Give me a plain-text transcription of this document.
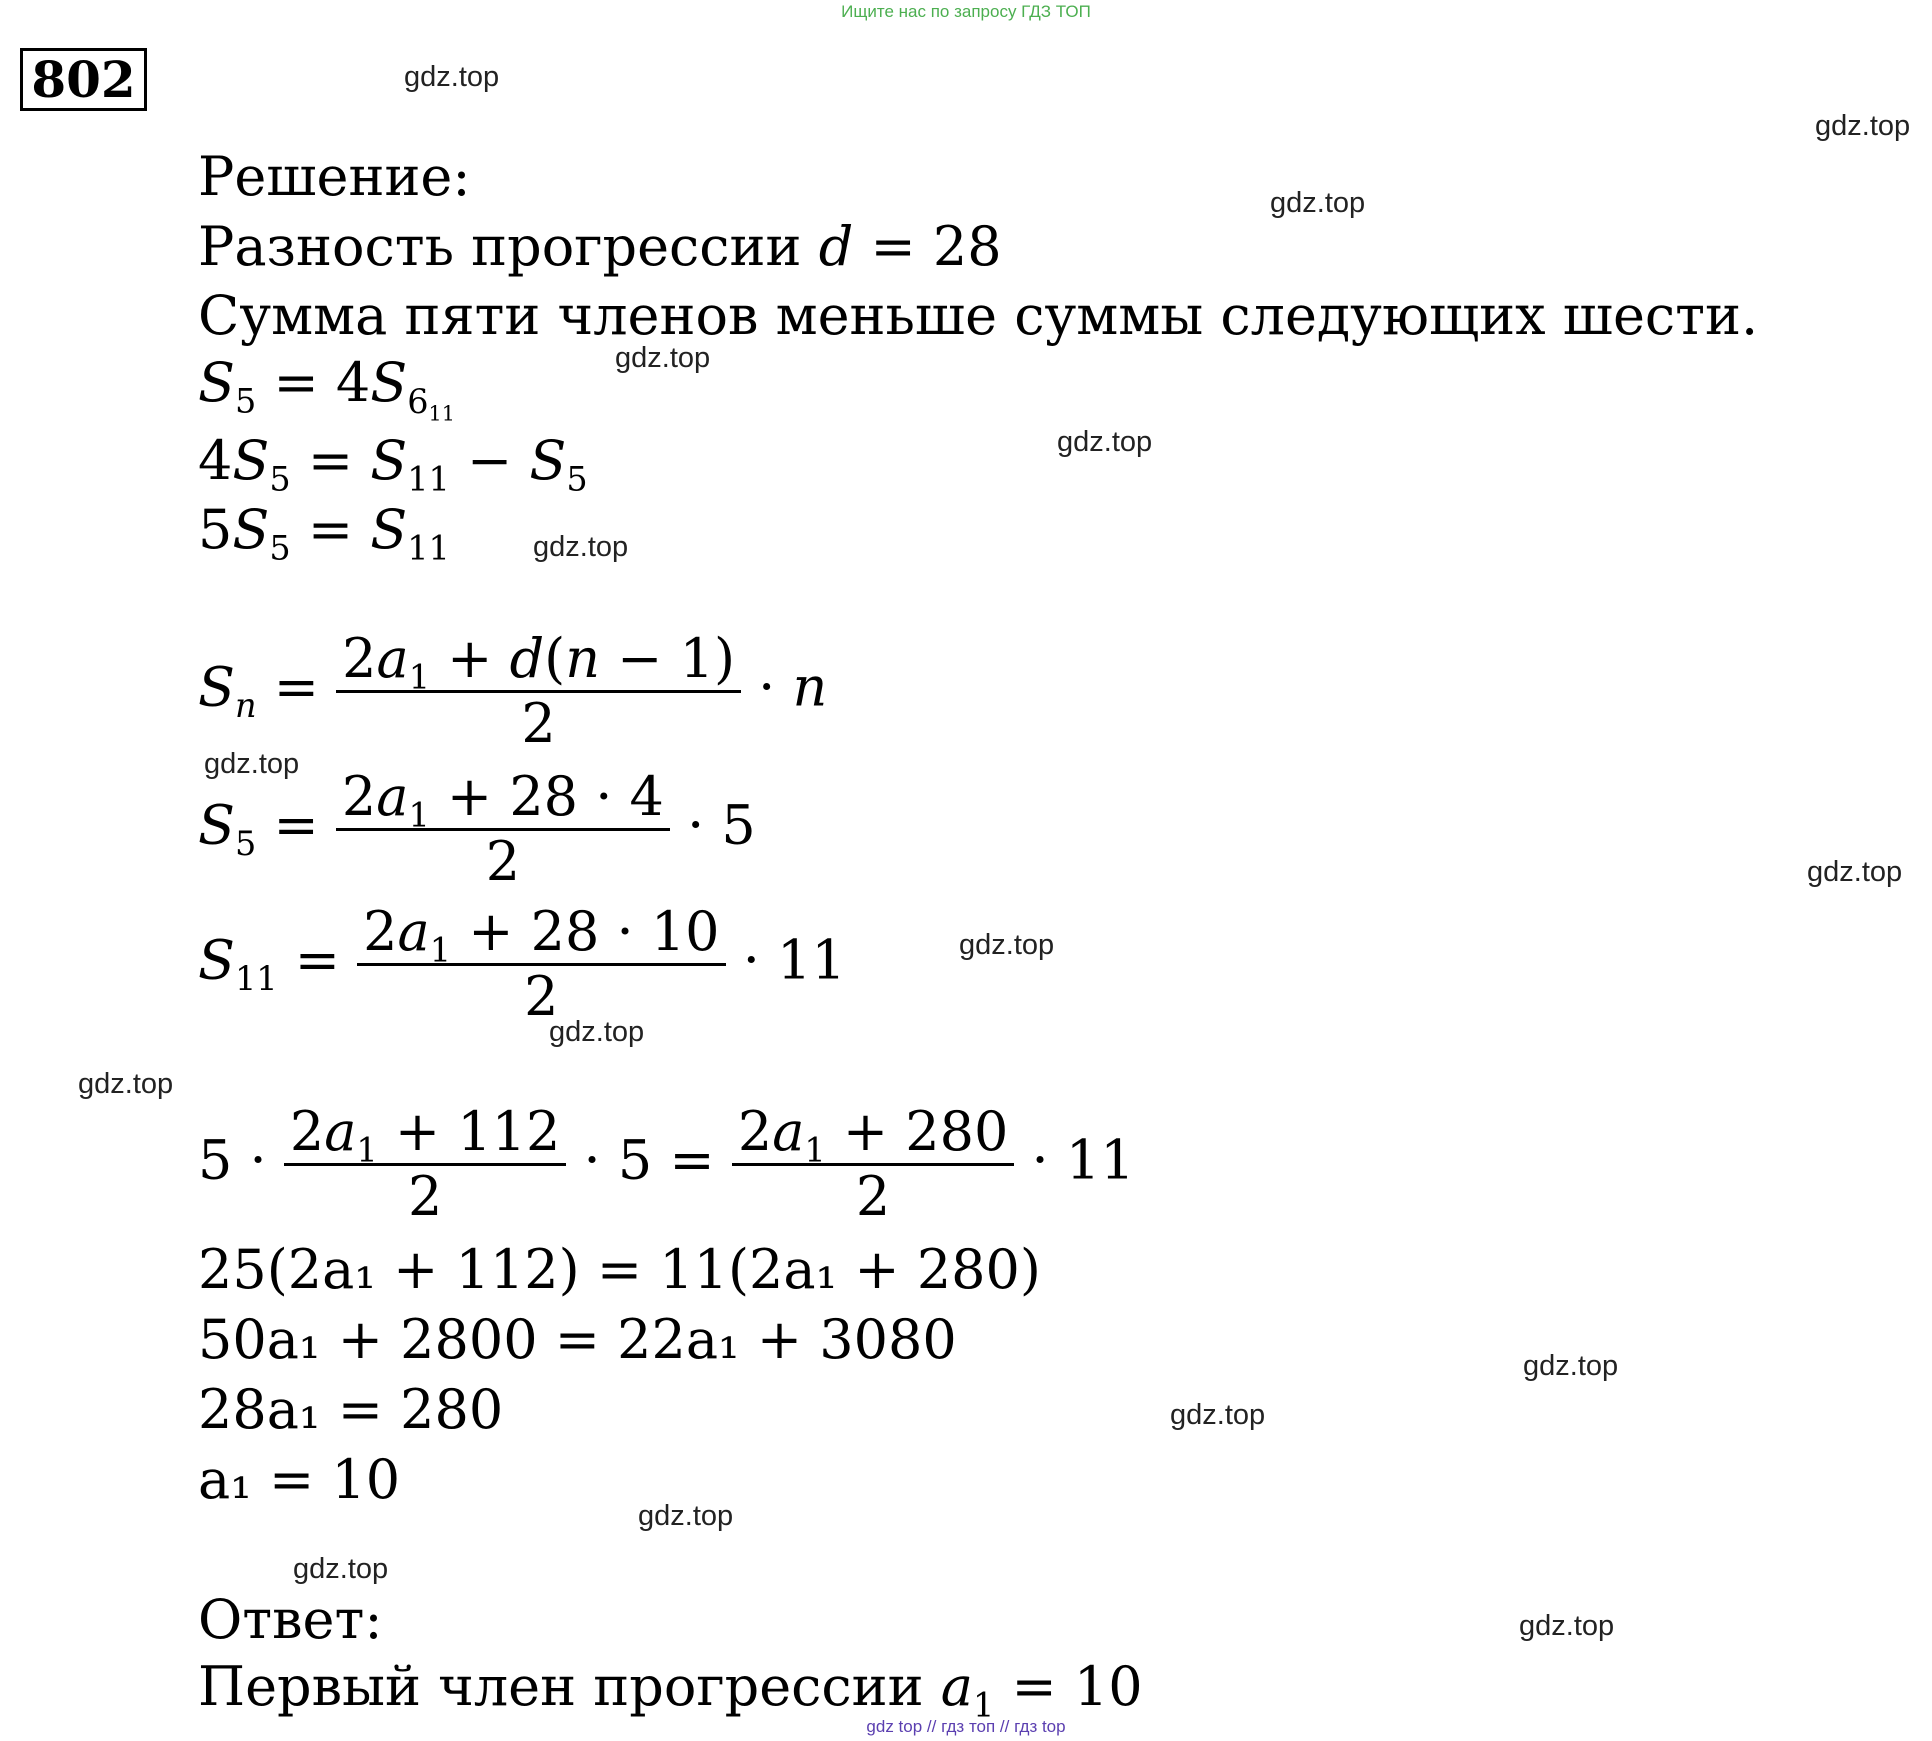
Ищите нас по запросу ГДЗ ТОП
802	gdz.top
gdz.top
gdz.top
gdz.top
gdz.top
gdz.top
gdz.top
gdz.top
gdz.top
gdz.top
gdz.top
gdz.top
gdz.top
gdz.top
gdz.top
gdz.top
Решение:
Разность прогрессии d = 28
Сумма пяти членов меньше суммы следующих шести.
$S_5 = 4S_{6_{11}}$
$4S_5 = S_{11} - S_5$
$5S_5 = S_{11}$
$S_n = \frac{2a_1 + d(n - 1)}{2} \cdot n$
$S_5 = \frac{2a_1 + 28 \cdot 4}{2} \cdot 5$
$S_{11} = \frac{2a_1 + 28 \cdot 10}{2} \cdot 11$
$5 \cdot \frac{2a_1 + 112}{2} \cdot 5 = \frac{2a_1 + 280}{2} \cdot 11$
25(2a₁ + 112) = 11(2a₁ + 280)
50a₁ + 2800 = 22a₁ + 3080
28a₁ = 280
a₁ = 10
Ответ:
Первый член прогрессии $a_1 = 10$
gdz top // гдз топ // гдз top
